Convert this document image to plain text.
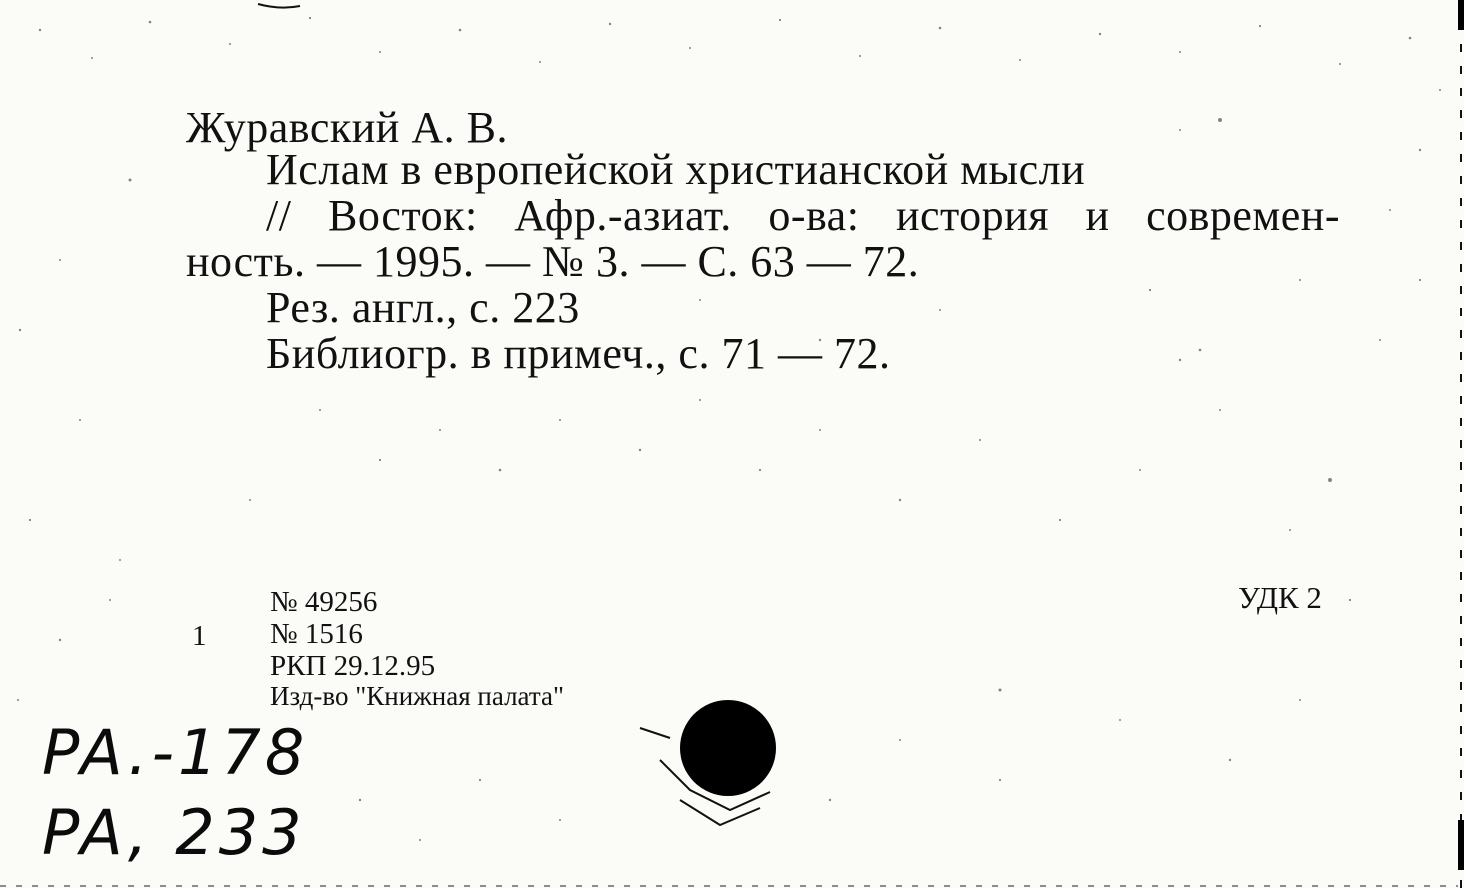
Журавский А. В.
Ислам в европейской христианской мысли
// Восток: Афр.-азиат. о-ва: история и современ-
ность. — 1995. — № 3. — С. 63 — 72.
Рез. англ., с. 223
Библиогр. в примеч., с. 71 — 72.
№ 49256
1 № 1516
РКП 29.12.95
Изд-во "Книжная палата"
УДК 2
PA.-178
PA, 233
